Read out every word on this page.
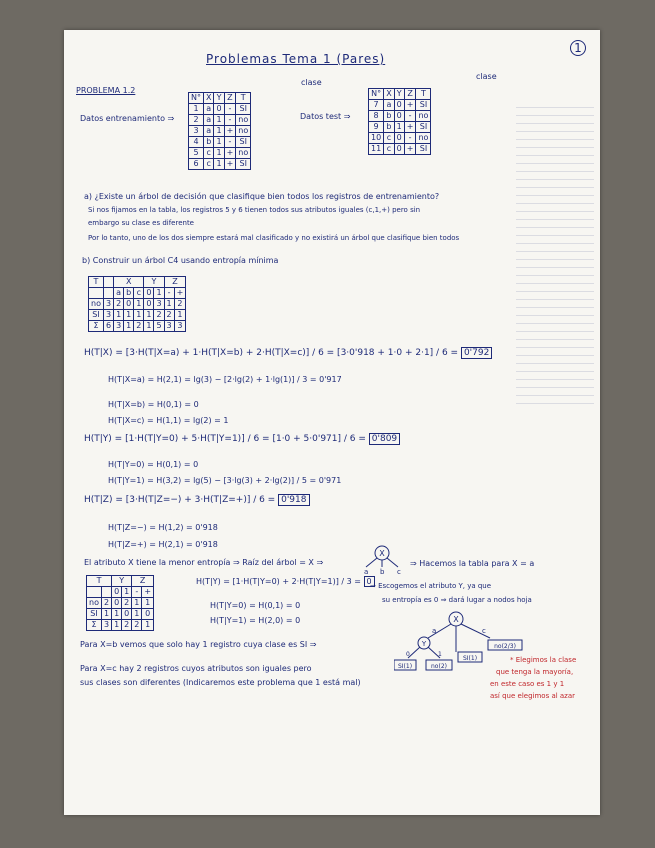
1
Problemas Tema 1 (Pares)
PROBLEMA 1.2
Datos entrenamiento ⇒
clase
N°	X	Y	Z	T
1	a	0	-	SI
2	a	1	-	no
3	a	1	+	no
4	b	1	-	SI
5	c	1	+	no
6	c	1	+	SI
Datos test ⇒
clase
N°	X	Y	Z	T
7	a	0	+	SI
8	b	0	-	no
9	b	1	+	SI
10	c	0	-	no
11	c	0	+	SI
a) ¿Existe un árbol de decisión que clasifique bien todos los registros de entrenamiento?
Si nos fijamos en la tabla, los registros 5 y 6 tienen todos sus atributos iguales (c,1,+) pero sin
embargo su clase es diferente
Por lo tanto, uno de los dos siempre estará mal clasificado y no existirá un árbol que clasifique bien todos
b) Construir un árbol C4 usando entropía mínima
T		X			Y		Z	
		a	b	c	0	1	-	+
no	3	2	0	1	0	3	1	2
SI	3	1	1	1	1	2	2	1
Σ	6	3	1	2	1	5	3	3
H(T|X) = [3·H(T|X=a) + 1·H(T|X=b) + 2·H(T|X=c)] / 6 = [3·0'918 + 1·0 + 2·1] / 6 = 0'792
H(T|X=a) = H(2,1) = lg(3) − [2·lg(2) + 1·lg(1)] / 3 = 0'917
H(T|X=b) = H(0,1) = 0
H(T|X=c) = H(1,1) = lg(2) = 1
H(T|Y) = [1·H(T|Y=0) + 5·H(T|Y=1)] / 6 = [1·0 + 5·0'971] / 6 = 0'809
H(T|Y=0) = H(0,1) = 0
H(T|Y=1) = H(3,2) = lg(5) − [3·lg(3) + 2·lg(2)] / 5 = 0'971
H(T|Z) = [3·H(T|Z=−) + 3·H(T|Z=+)] / 6 = 0'918
H(T|Z=−) = H(1,2) = 0'918
H(T|Z=+) = H(2,1) = 0'918
El atributo X tiene la menor entropía ⇒ Raíz del árbol = X ⇒
X
a b c
⇒ Hacemos la tabla para X = a
T		Y		Z	
		0	1	-	+
no	2	0	2	1	1
SI	1	1	0	1	0
Σ	3	1	2	2	1
H(T|Y) = [1·H(T|Y=0) + 2·H(T|Y=1)] / 3 = 0
H(T|Y=0) = H(0,1) = 0
H(T|Y=1) = H(2,0) = 0
⇒ Escogemos el atributo Y, ya que
su entropía es 0 ⇒ dará lugar a nodos hoja
X
a	c
Y
0	1
SI(1)	no(2)
SI(1)
no(2/3)
Para X=b vemos que solo hay 1 registro cuya clase es SI ⇒
Para X=c hay 2 registros cuyos atributos son iguales pero
sus clases son diferentes (Indicaremos este problema que 1 está mal)
* Elegimos la clase
que tenga la mayoría,
en este caso es 1 y 1
así que elegimos al azar
